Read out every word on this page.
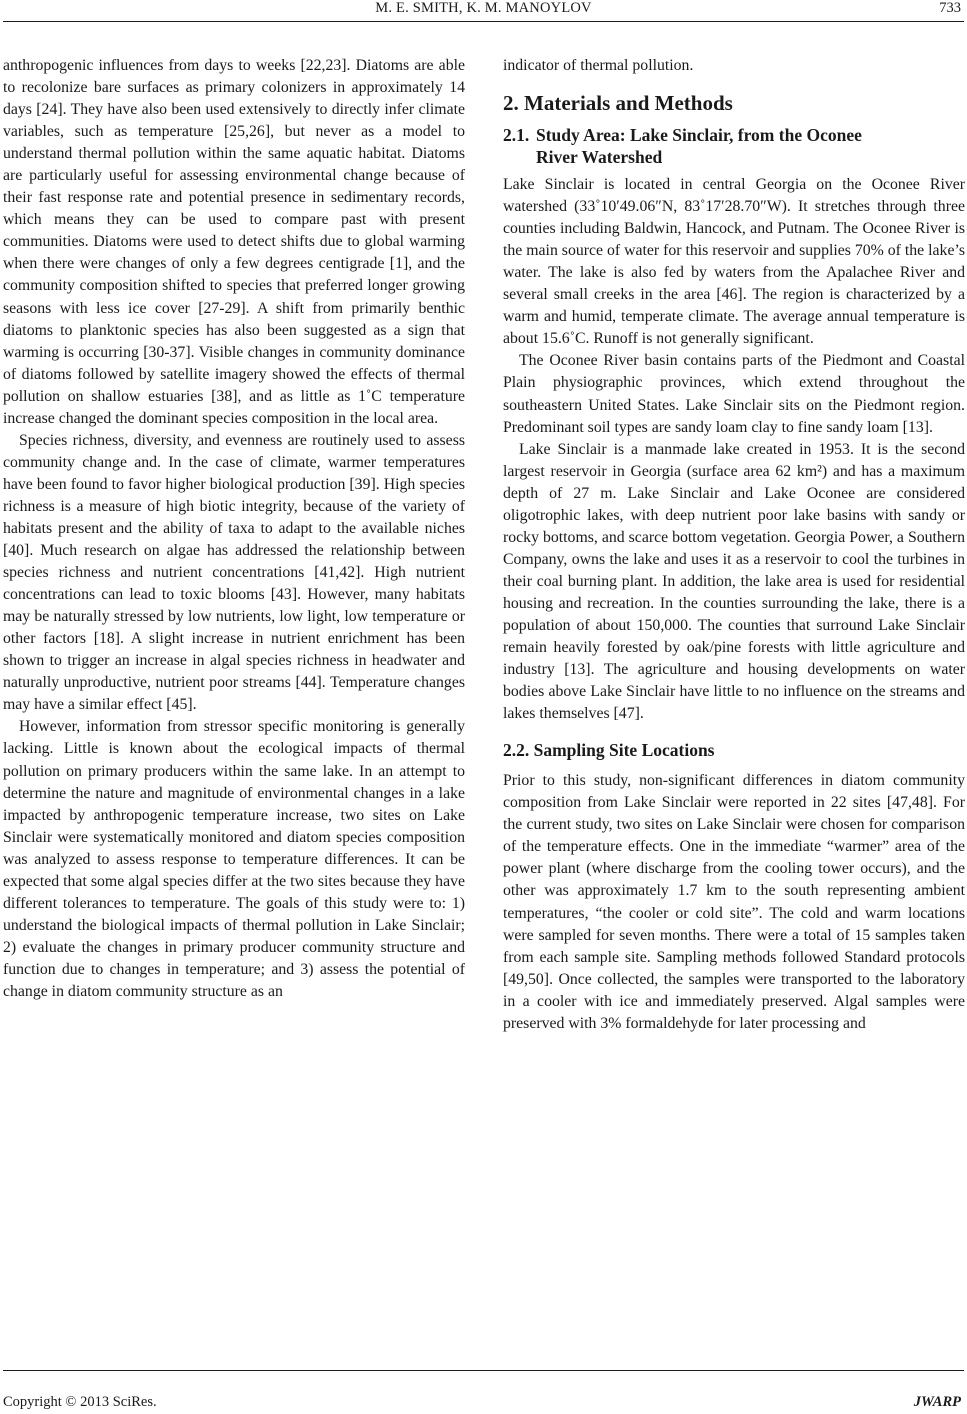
M. E. SMITH, K. M. MANOYLOV	733

anthropogenic influences from days to weeks [22,23]. Diatoms are able to recolonize bare surfaces as primary colonizers in approximately 14 days [24]. They have also been used extensively to directly infer climate variables, such as temperature [25,26], but never as a model to understand thermal pollution within the same aquatic habitat. Diatoms are particularly useful for assessing environmental change because of their fast response rate and potential presence in sedimentary records, which means they can be used to compare past with present communities. Diatoms were used to detect shifts due to global warming when there were changes of only a few degrees centigrade [1], and the community composition shifted to species that preferred longer growing seasons with less ice cover [27-29]. A shift from primarily benthic diatoms to planktonic species has also been suggested as a sign that warming is occurring [30-37]. Visible changes in community dominance of diatoms followed by satellite imagery showed the effects of thermal pollution on shallow estuaries [38], and as little as 1˚C temperature increase changed the dominant species composition in the local area.

Species richness, diversity, and evenness are routinely used to assess community change and. In the case of climate, warmer temperatures have been found to favor higher biological production [39]. High species richness is a measure of high biotic integrity, because of the variety of habitats present and the ability of taxa to adapt to the available niches [40]. Much research on algae has addressed the relationship between species richness and nutrient concentrations [41,42]. High nutrient concentrations can lead to toxic blooms [43]. However, many habitats may be naturally stressed by low nutrients, low light, low temperature or other factors [18]. A slight increase in nutrient enrichment has been shown to trigger an increase in algal species richness in headwater and naturally unproductive, nutrient poor streams [44]. Temperature changes may have a similar effect [45].

However, information from stressor specific monitoring is generally lacking. Little is known about the ecological impacts of thermal pollution on primary producers within the same lake. In an attempt to determine the nature and magnitude of environmental changes in a lake impacted by anthropogenic temperature increase, two sites on Lake Sinclair were systematically monitored and diatom species composition was analyzed to assess response to temperature differences. It can be expected that some algal species differ at the two sites because they have different tolerances to temperature. The goals of this study were to: 1) understand the biological impacts of thermal pollution in Lake Sinclair; 2) evaluate the changes in primary producer community structure and function due to changes in temperature; and 3) assess the potential of change in diatom community structure as an

indicator of thermal pollution.

2. Materials and Methods
2.1. Study Area: Lake Sinclair, from the Oconee
River Watershed

Lake Sinclair is located in central Georgia on the Oconee River watershed (33˚10′49.06″N, 83˚17′28.70″W). It stretches through three counties including Baldwin, Hancock, and Putnam. The Oconee River is the main source of water for this reservoir and supplies 70% of the lake’s water. The lake is also fed by waters from the Apalachee River and several small creeks in the area [46]. The region is characterized by a warm and humid, temperate climate. The average annual temperature is about 15.6˚C. Runoff is not generally significant.

The Oconee River basin contains parts of the Piedmont and Coastal Plain physiographic provinces, which extend throughout the southeastern United States. Lake Sinclair sits on the Piedmont region. Predominant soil types are sandy loam clay to fine sandy loam [13].

Lake Sinclair is a manmade lake created in 1953. It is the second largest reservoir in Georgia (surface area 62 km²) and has a maximum depth of 27 m. Lake Sinclair and Lake Oconee are considered oligotrophic lakes, with deep nutrient poor lake basins with sandy or rocky bottoms, and scarce bottom vegetation. Georgia Power, a Southern Company, owns the lake and uses it as a reservoir to cool the turbines in their coal burning plant. In addition, the lake area is used for residential housing and recreation. In the counties surrounding the lake, there is a population of about 150,000. The counties that surround Lake Sinclair remain heavily forested by oak/pine forests with little agriculture and industry [13]. The agriculture and housing developments on water bodies above Lake Sinclair have little to no influence on the streams and lakes themselves [47].

2.2. Sampling Site Locations

Prior to this study, non-significant differences in diatom community composition from Lake Sinclair were reported in 22 sites [47,48]. For the current study, two sites on Lake Sinclair were chosen for comparison of the temperature effects. One in the immediate “warmer” area of the power plant (where discharge from the cooling tower occurs), and the other was approximately 1.7 km to the south representing ambient temperatures, “the cooler or cold site”. The cold and warm locations were sampled for seven months. There were a total of 15 samples taken from each sample site. Sampling methods followed Standard protocols [49,50]. Once collected, the samples were transported to the laboratory in a cooler with ice and immediately preserved. Algal samples were preserved with 3% formaldehyde for later processing and

Copyright © 2013 SciRes.	JWARP
